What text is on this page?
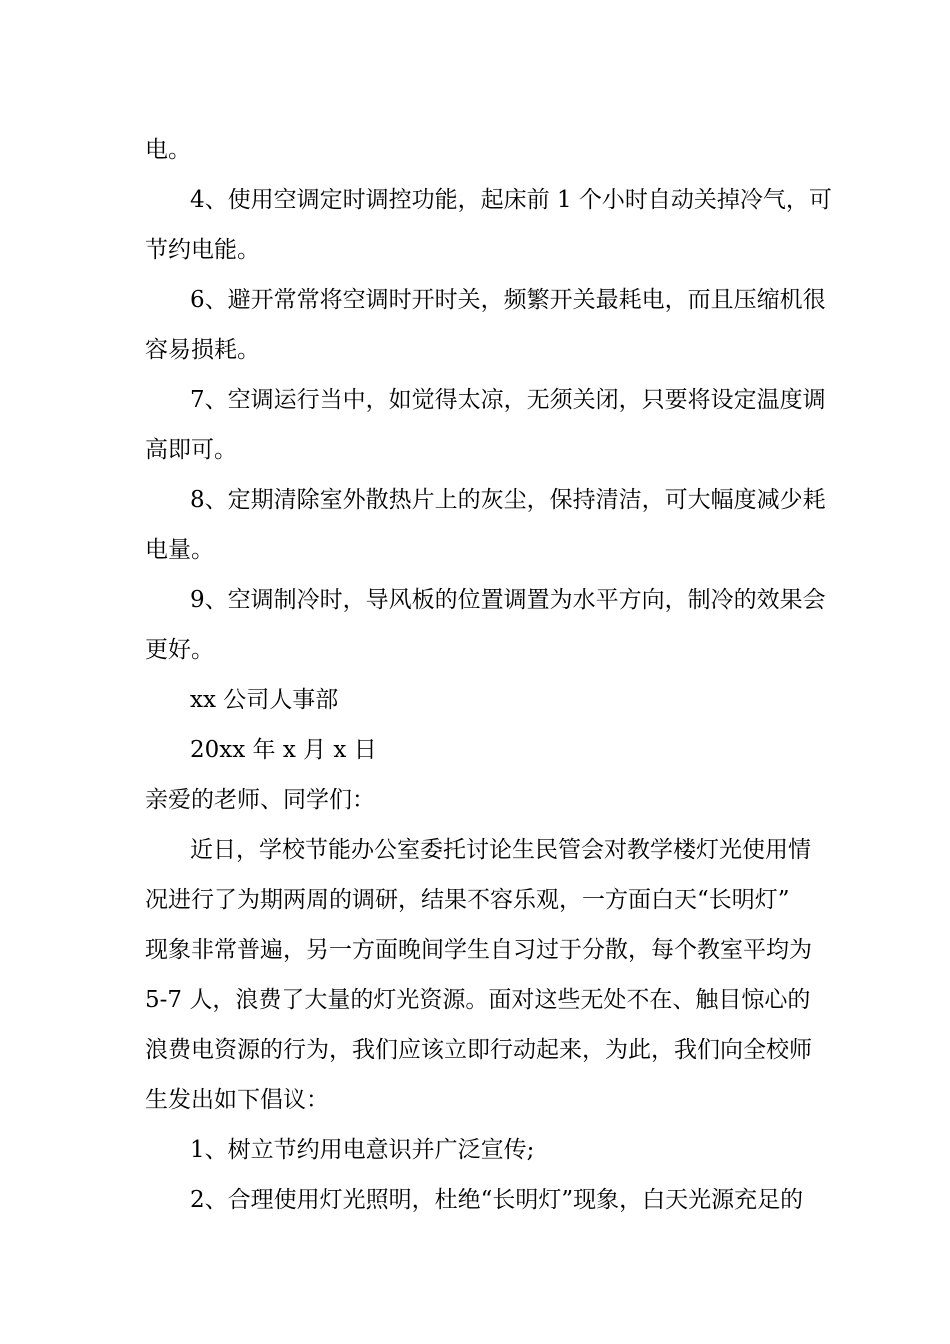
电。
4、使用空调定时调控功能，起床前 1 个小时自动关掉冷气，可
节约电能。
6、避开常常将空调时开时关，频繁开关最耗电，而且压缩机很
容易损耗。
7、空调运行当中，如觉得太凉，无须关闭，只要将设定温度调
高即可。
8、定期清除室外散热片上的灰尘，保持清洁，可大幅度减少耗
电量。
9、空调制冷时，导风板的位置调置为水平方向，制冷的效果会
更好。
xx 公司人事部
20xx 年 x 月 x 日
亲爱的老师、同学们：
近日，学校节能办公室委托讨论生民管会对教学楼灯光使用情
况进行了为期两周的调研，结果不容乐观，一方面白天“长明灯”
现象非常普遍，另一方面晚间学生自习过于分散，每个教室平均为
5-7 人，浪费了大量的灯光资源。面对这些无处不在、触目惊心的
浪费电资源的行为，我们应该立即行动起来，为此，我们向全校师
生发出如下倡议：
1、树立节约用电意识并广泛宣传;
2、合理使用灯光照明，杜绝“长明灯”现象，白天光源充足的
